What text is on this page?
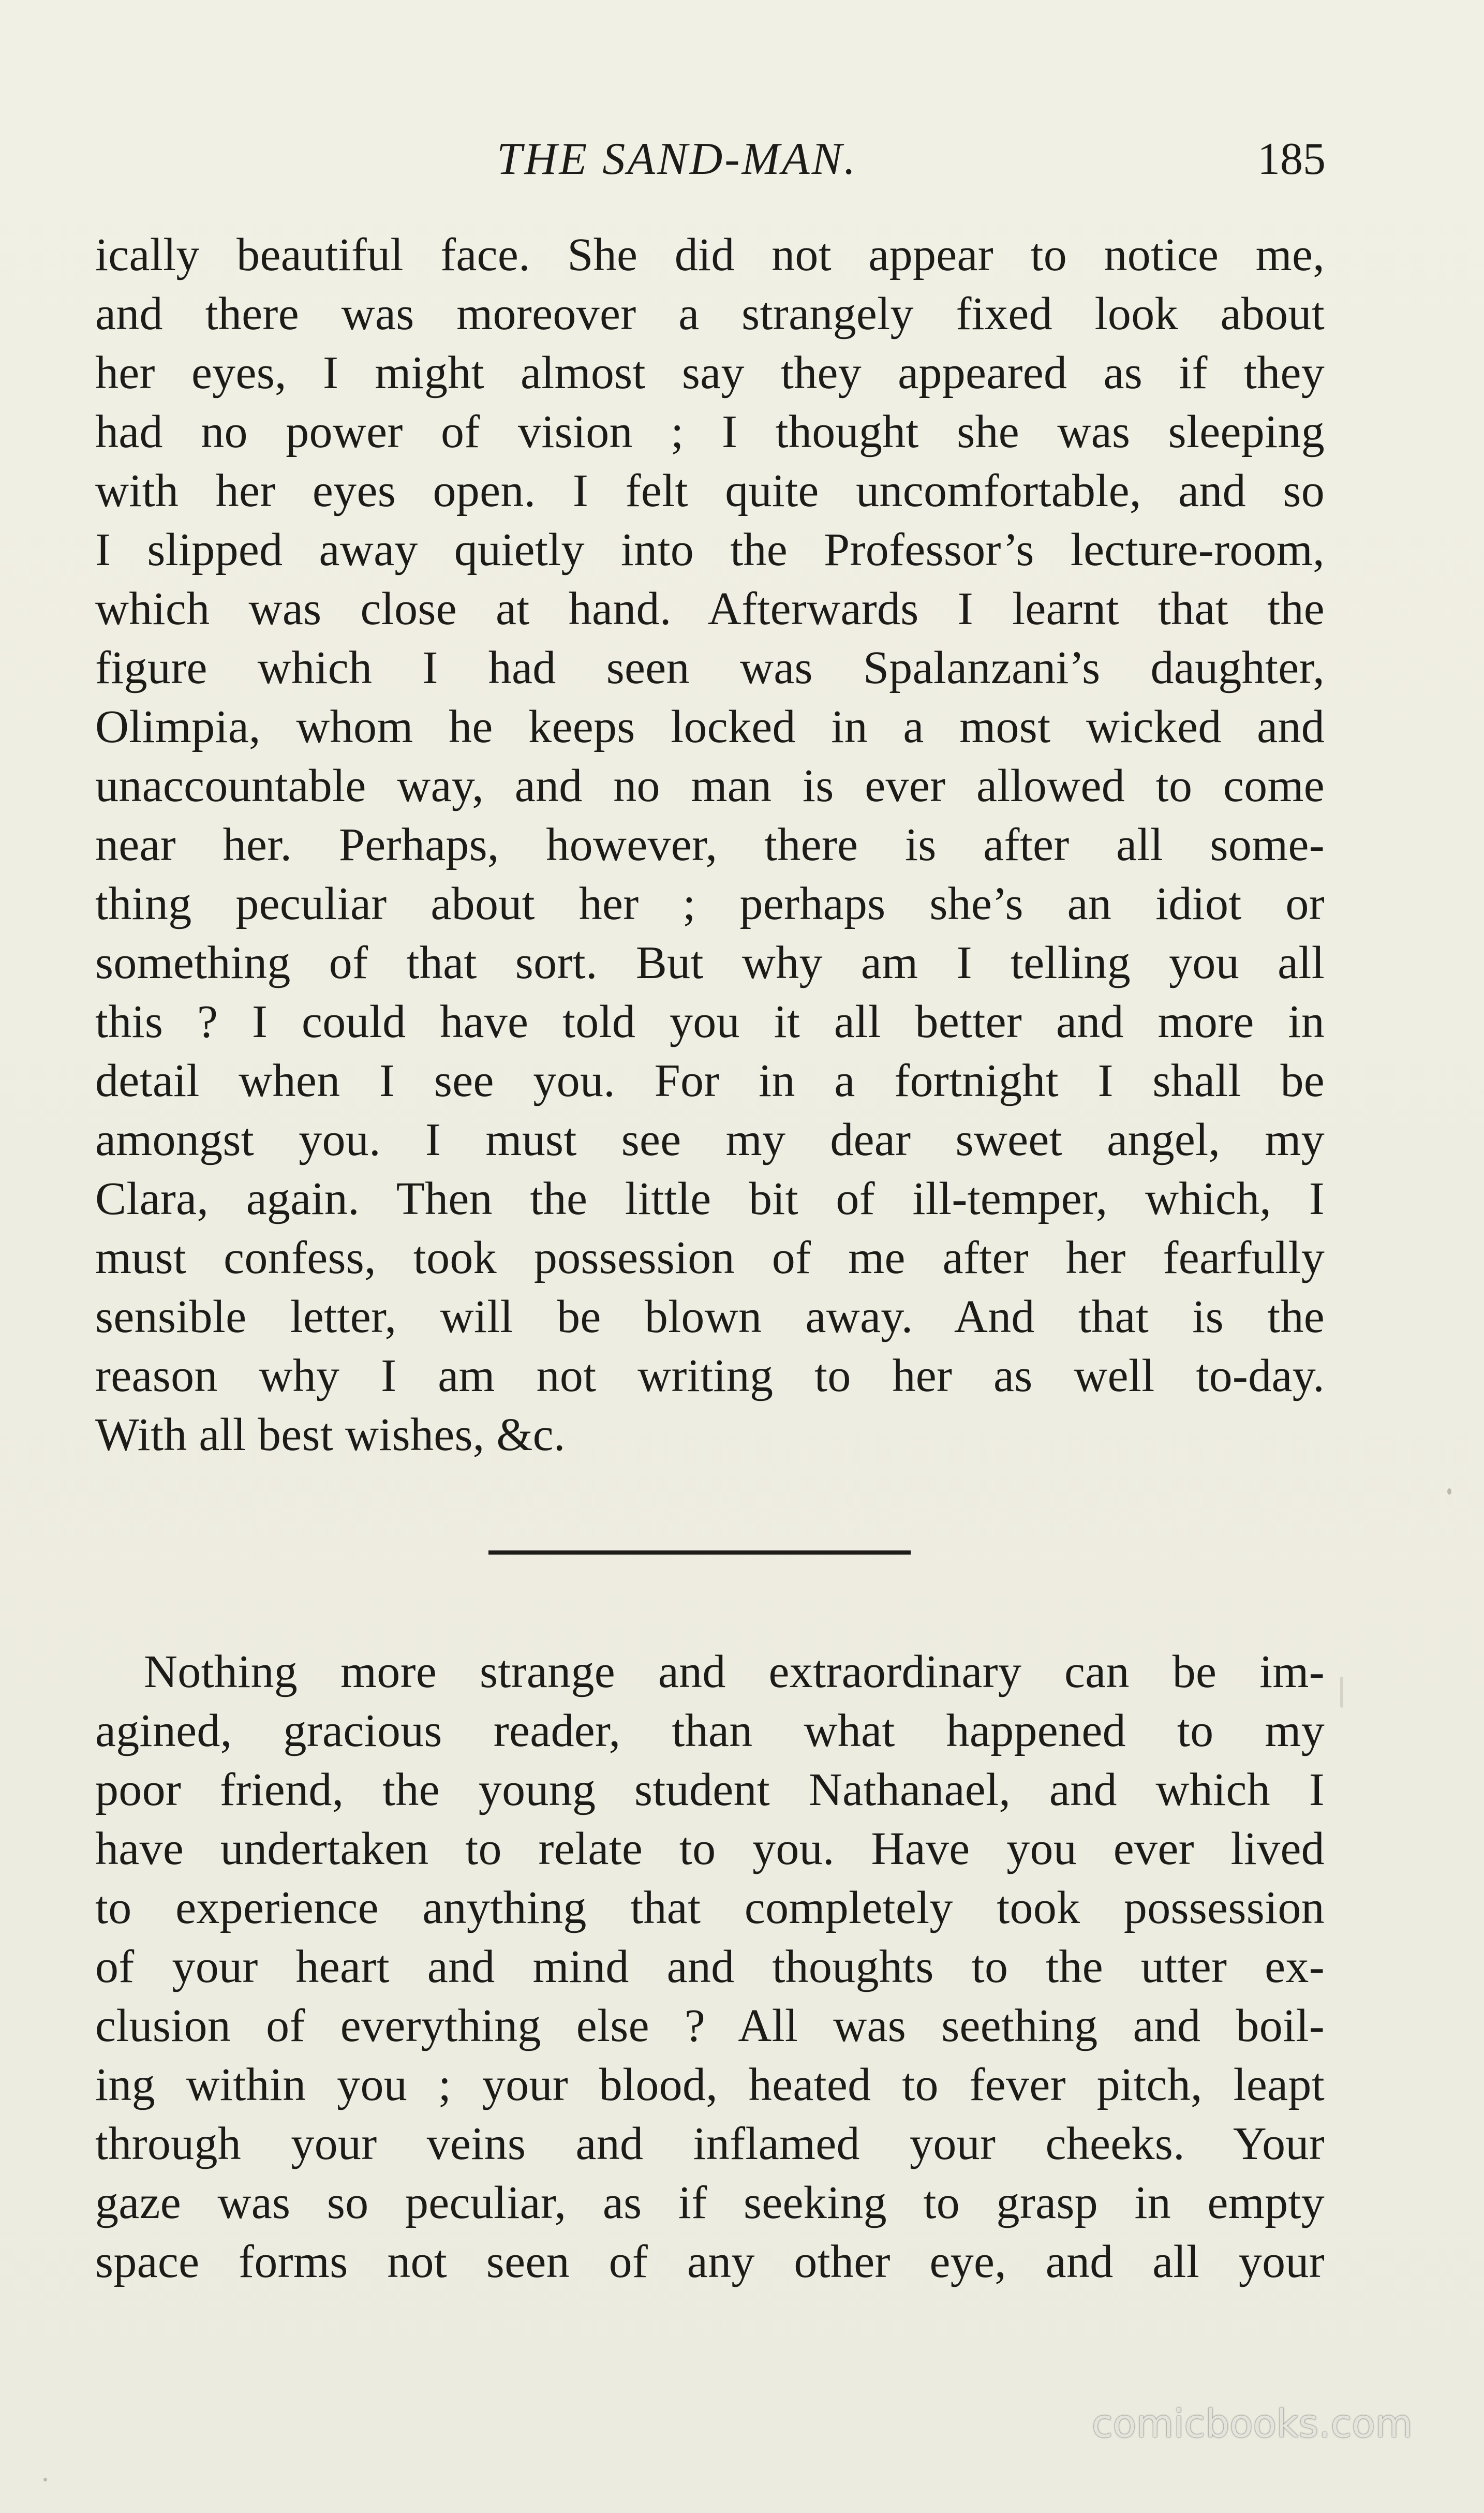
THE SAND-MAN.	185
ically beautiful face. She did not appear to notice me,
and there was moreover a strangely fixed look about
her eyes, I might almost say they appeared as if they
had no power of vision ; I thought she was sleeping
with her eyes open. I felt quite uncomfortable, and so
I slipped away quietly into the Professor’s lecture-room,
which was close at hand. Afterwards I learnt that the
figure which I had seen was Spalanzani’s daughter,
Olimpia, whom he keeps locked in a most wicked and
unaccountable way, and no man is ever allowed to come
near her. Perhaps, however, there is after all some-
thing peculiar about her ; perhaps she’s an idiot or
something of that sort. But why am I telling you all
this ? I could have told you it all better and more in
detail when I see you. For in a fortnight I shall be
amongst you. I must see my dear sweet angel, my
Clara, again. Then the little bit of ill-temper, which, I
must confess, took possession of me after her fearfully
sensible letter, will be blown away. And that is the
reason why I am not writing to her as well to-day.
With all best wishes, &c.
Nothing more strange and extraordinary can be im-
agined, gracious reader, than what happened to my
poor friend, the young student Nathanael, and which I
have undertaken to relate to you. Have you ever lived
to experience anything that completely took possession
of your heart and mind and thoughts to the utter ex-
clusion of everything else ? All was seething and boil-
ing within you ; your blood, heated to fever pitch, leapt
through your veins and inflamed your cheeks. Your
gaze was so peculiar, as if seeking to grasp in empty
space forms not seen of any other eye, and all your
comicbooks.com
